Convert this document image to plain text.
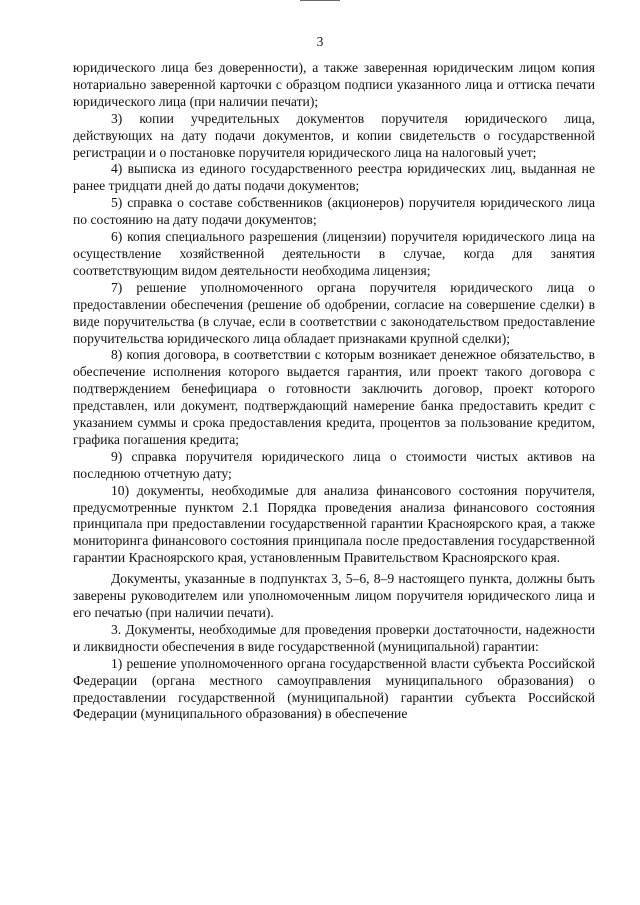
3

юридического лица без доверенности), а также заверенная юридическим лицом копия нотариально заверенной карточки с образцом подписи указанного лица и оттиска печати юридического лица (при наличии печати);

3) копии учредительных документов поручителя юридического лица, действующих на дату подачи документов, и копии свидетельств о государственной регистрации и о постановке поручителя юридического лица на налоговый учет;

4) выписка из единого государственного реестра юридических лиц, выданная не ранее тридцати дней до даты подачи документов;

5) справка о составе собственников (акционеров) поручителя юридического лица по состоянию на дату подачи документов;

6) копия специального разрешения (лицензии) поручителя юридического лица на осуществление хозяйственной деятельности в случае, когда для занятия соответствующим видом деятельности необходима лицензия;

7) решение уполномоченного органа поручителя юридического лица о предоставлении обеспечения (решение об одобрении, согласие на совершение сделки) в виде поручительства (в случае, если в соответствии с законодательством предоставление поручительства юридического лица обладает признаками крупной сделки);

8) копия договора, в соответствии с которым возникает денежное обязательство, в обеспечение исполнения которого выдается гарантия, или проект такого договора с подтверждением бенефициара о готовности заключить договор, проект которого представлен, или документ, подтверждающий намерение банка предоставить кредит с указанием суммы и срока предоставления кредита, процентов за пользование кредитом, графика погашения кредита;

9) справка поручителя юридического лица о стоимости чистых активов на последнюю отчетную дату;

10) документы, необходимые для анализа финансового состояния поручителя, предусмотренные пунктом 2.1 Порядка проведения анализа финансового состояния принципала при предоставлении государственной гарантии Красноярского края, а также мониторинга финансового состояния принципала после предоставления государственной гарантии Красноярского края, установленным Правительством Красноярского края.

Документы, указанные в подпунктах 3, 5–6, 8–9 настоящего пункта, должны быть заверены руководителем или уполномоченным лицом поручителя юридического лица и его печатью (при наличии печати).

3. Документы, необходимые для проведения проверки достаточности, надежности и ликвидности обеспечения в виде государственной (муниципальной) гарантии:

1) решение уполномоченного органа государственной власти субъекта Российской Федерации (органа местного самоуправления муниципального образования) о предоставлении государственной (муниципальной) гарантии субъекта Российской Федерации (муниципального образования) в обеспечение
